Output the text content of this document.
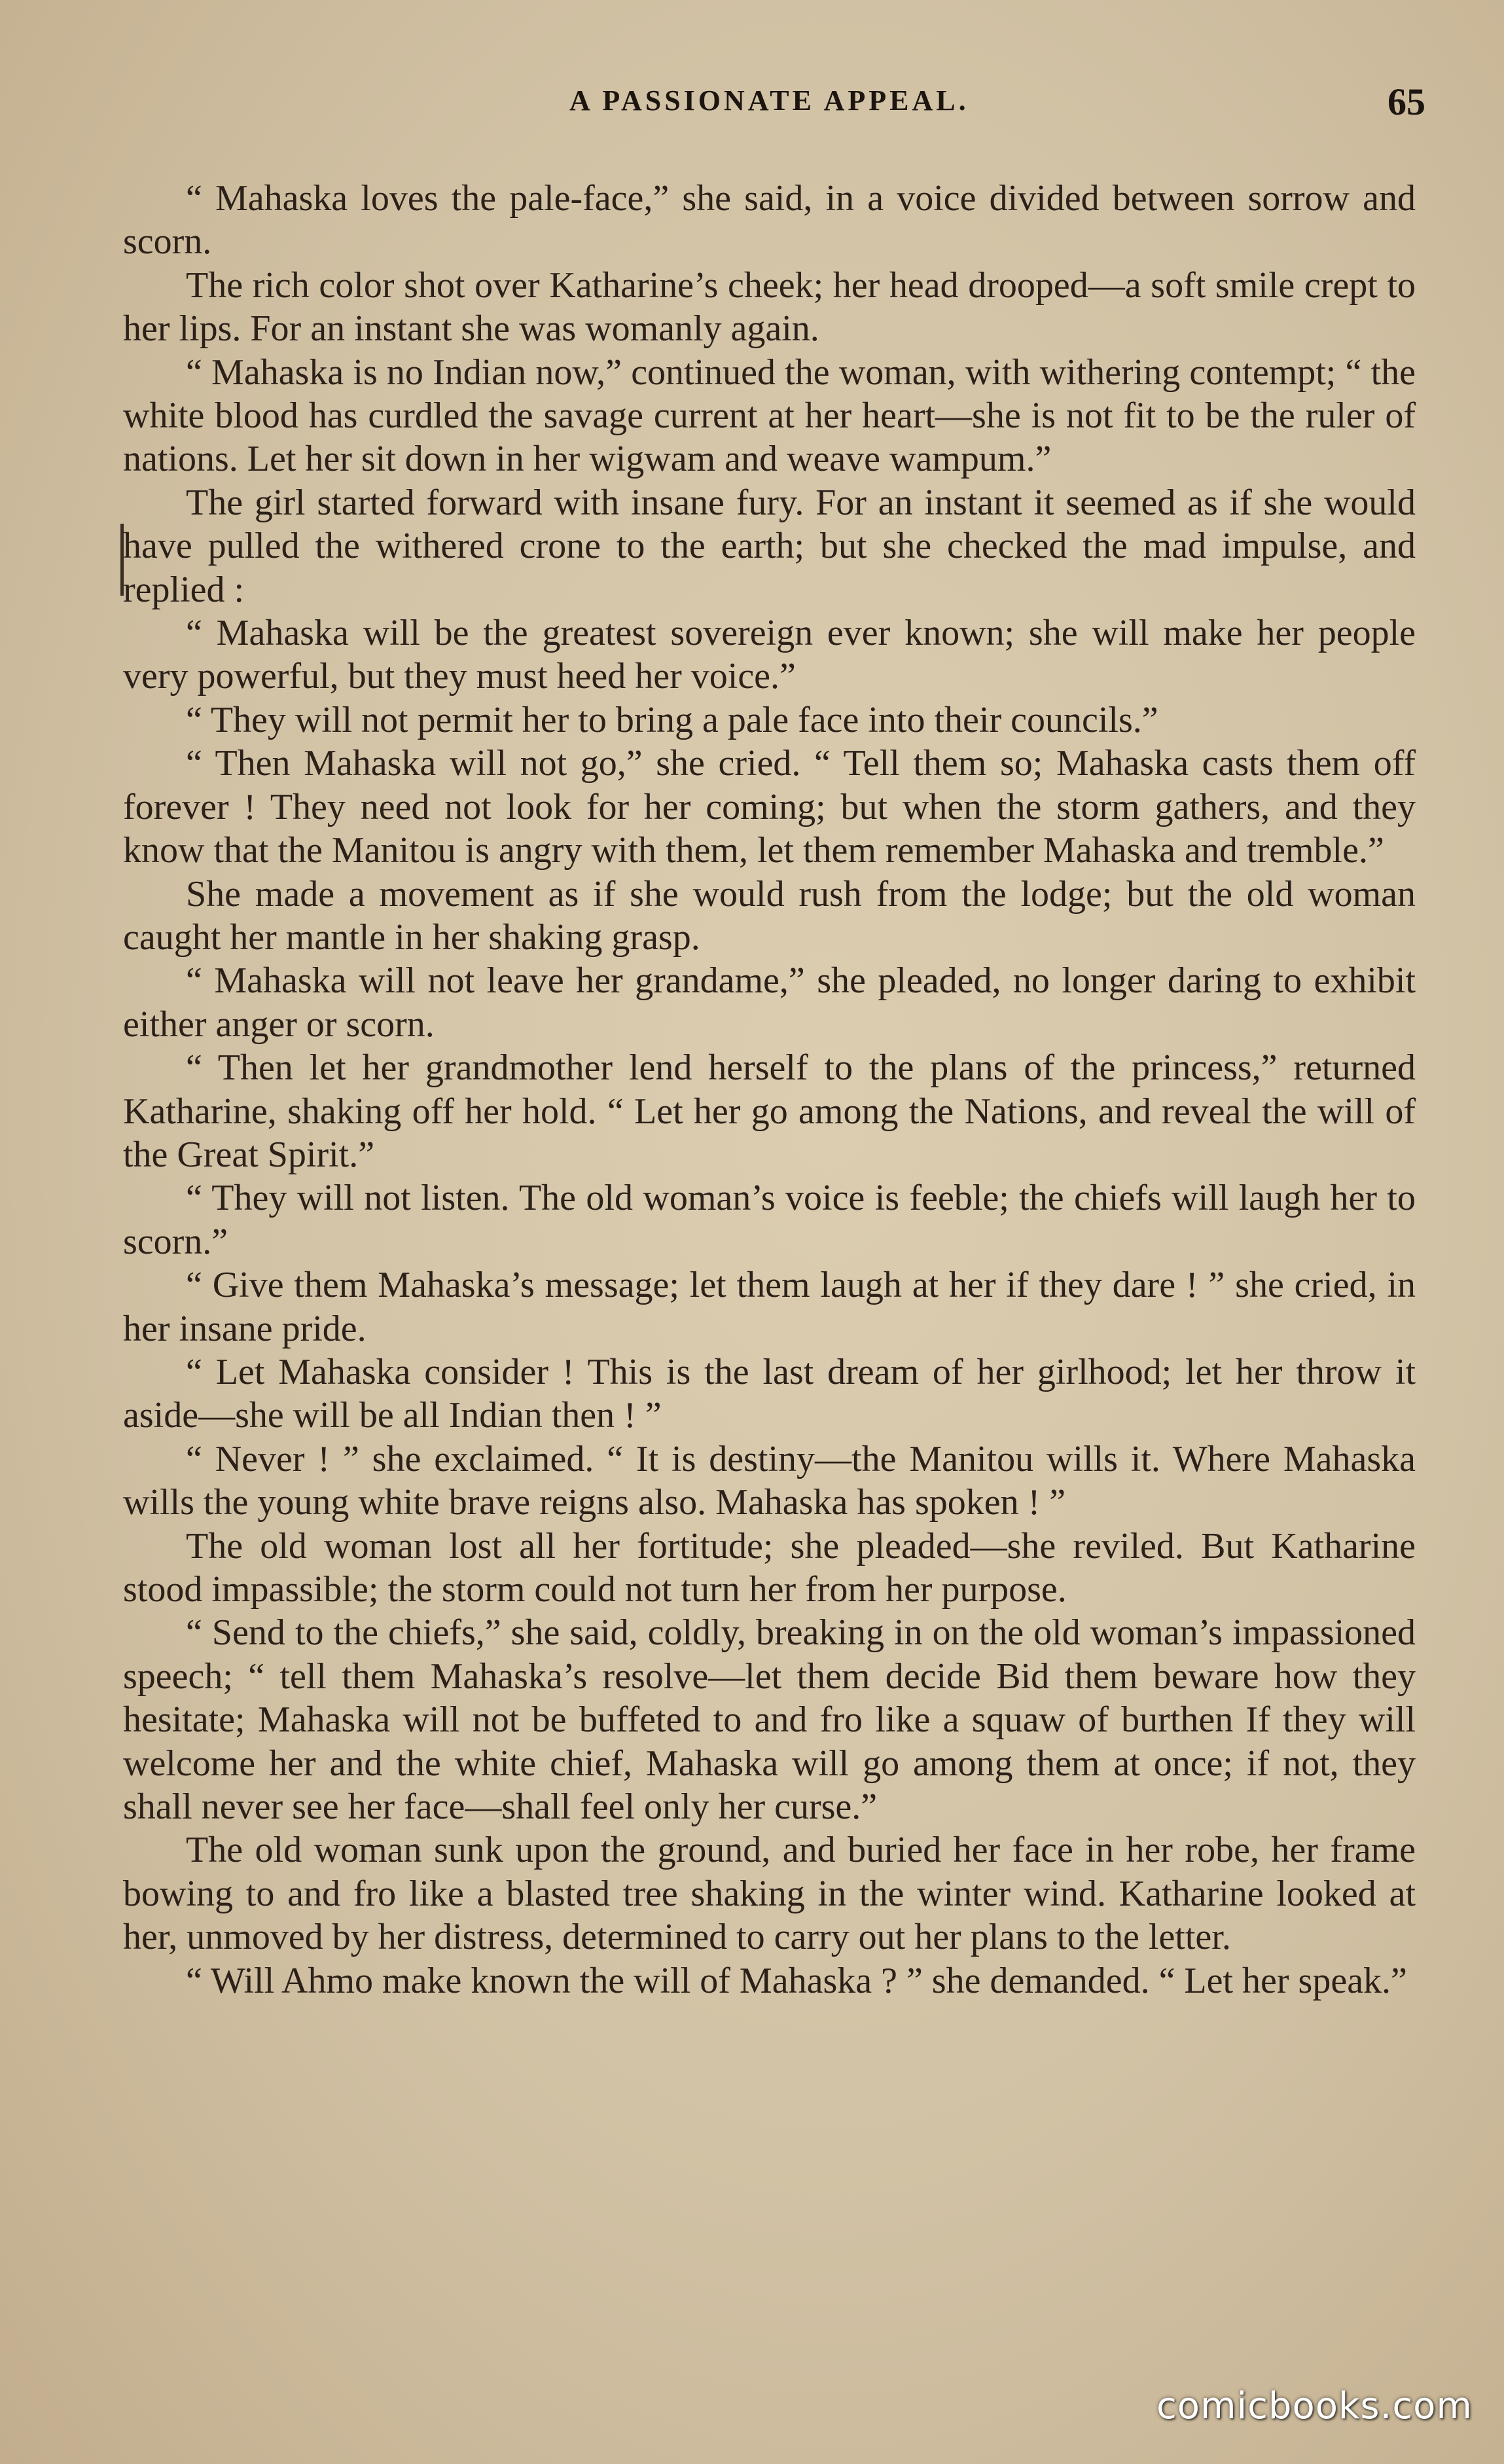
A PASSIONATE APPEAL.	65

“ Mahaska loves the pale-face,” she said, in a voice divided between sorrow and scorn.

The rich color shot over Katharine’s cheek; her head drooped—a soft smile crept to her lips. For an instant she was womanly again.

“ Mahaska is no Indian now,” continued the woman, with withering contempt; “ the white blood has curdled the savage current at her heart—she is not fit to be the ruler of nations. Let her sit down in her wigwam and weave wampum.”

The girl started forward with insane fury. For an instant it seemed as if she would have pulled the withered crone to the earth; but she checked the mad impulse, and replied :

“ Mahaska will be the greatest sovereign ever known; she will make her people very powerful, but they must heed her voice.”

“ They will not permit her to bring a pale face into their councils.”

“ Then Mahaska will not go,” she cried. “ Tell them so; Mahaska casts them off forever ! They need not look for her coming; but when the storm gathers, and they know that the Manitou is angry with them, let them remember Mahaska and tremble.”

She made a movement as if she would rush from the lodge; but the old woman caught her mantle in her shaking grasp.

“ Mahaska will not leave her grandame,” she pleaded, no longer daring to exhibit either anger or scorn.

“ Then let her grandmother lend herself to the plans of the princess,” returned Katharine, shaking off her hold. “ Let her go among the Nations, and reveal the will of the Great Spirit.”

“ They will not listen. The old woman’s voice is feeble; the chiefs will laugh her to scorn.”

“ Give them Mahaska’s message; let them laugh at her if they dare ! ” she cried, in her insane pride.

“ Let Mahaska consider ! This is the last dream of her girlhood; let her throw it aside—she will be all Indian then ! ”

“ Never ! ” she exclaimed. “ It is destiny—the Manitou wills it. Where Mahaska wills the young white brave reigns also. Mahaska has spoken ! ”

The old woman lost all her fortitude; she pleaded—she reviled. But Katharine stood impassible; the storm could not turn her from her purpose.

“ Send to the chiefs,” she said, coldly, breaking in on the old woman’s impassioned speech; “ tell them Mahaska’s resolve—let them decide Bid them beware how they hesitate; Mahaska will not be buffeted to and fro like a squaw of burthen If they will welcome her and the white chief, Mahaska will go among them at once; if not, they shall never see her face—shall feel only her curse.”

The old woman sunk upon the ground, and buried her face in her robe, her frame bowing to and fro like a blasted tree shaking in the winter wind. Katharine looked at her, unmoved by her distress, determined to carry out her plans to the letter.

“ Will Ahmo make known the will of Mahaska ? ” she demanded. “ Let her speak.”

comicbooks.com
